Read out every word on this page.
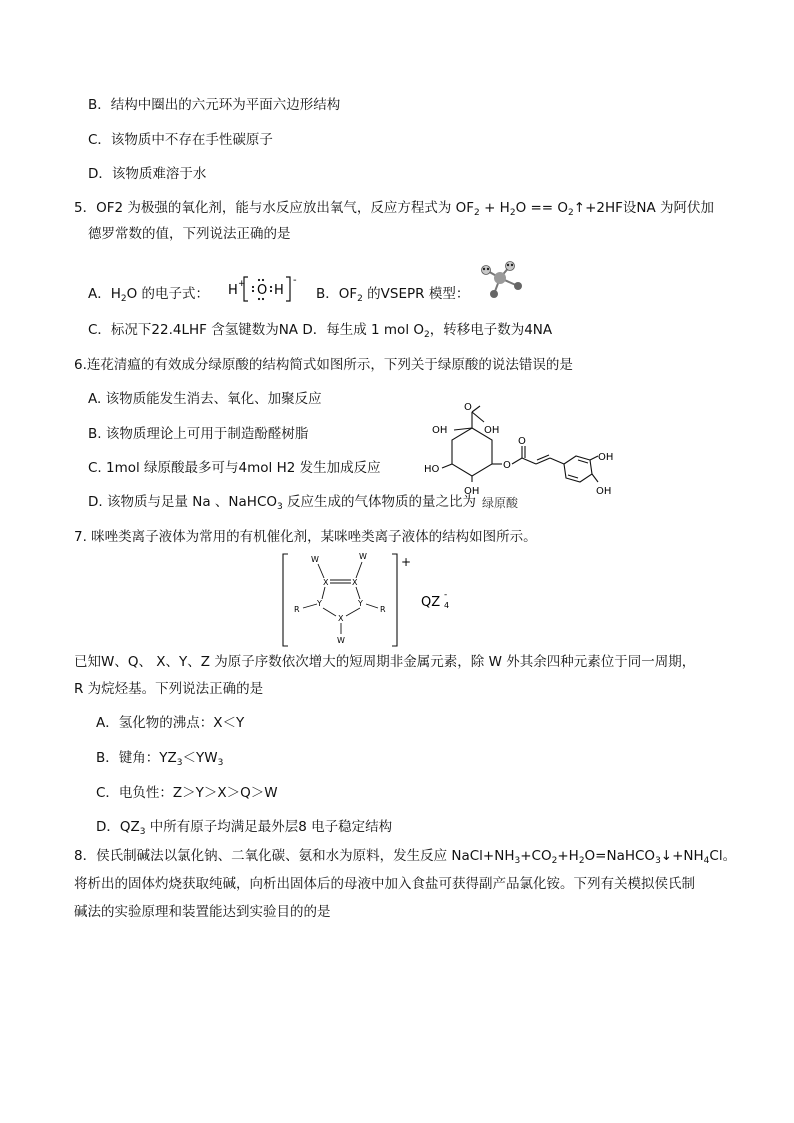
B．结构中圈出的六元环为平面六边形结构
C．该物质中不存在手性碳原子
D．该物质难溶于水
5．OF2 为极强的氧化剂，能与水反应放出氧气，反应方程式为 $OF_2 + H_2O$ == $O_2↑+2HF$设NA 为阿伏加
德罗常数的值，下列说法正确的是
A．$H_2O$ 的电子式： H + O H
-
B．$OF_2$ 的VSEPR 模型：
C．标况下22.4LHF 含氢键数为NA D．每生成 1 mol $O_2$，转移电子数为4NA
6.连花清瘟的有效成分绿原酸的结构简式如图所示，下列关于绿原酸的说法错误的是
A. 该物质能发生消去、氧化、加聚反应
B. 该物质理论上可用于制造酚醛树脂
C. 1mol 绿原酸最多可与4mol H2 发生加成反应
D. 该物质与足量 Na 、NaHCO$_3$ 反应生成的气体物质的量之比为 绿原酸
O
OH
OH
HO
OH
O
O
OH
OH
7. 咪唑类离子液体为常用的有机催化剂，某咪唑类离子液体的结构如图所示。
+
QZ 4
-
X	X
Y	Y
X
W	W
R	R
W
已知W、Q、 X、Y、Z 为原子序数依次增大的短周期非金属元素，除 W 外其余四种元素位于同一周期，
R 为烷烃基。下列说法正确的是
A．氢化物的沸点：X＜Y
B．键角：$YZ_3<YW_3$
C．电负性：Z＞Y＞X＞Q＞W
D．$QZ_3$ 中所有原子均满足最外层8 电子稳定结构
8．侯氏制碱法以氯化钠、二氧化碳、氨和水为原料，发生反应 $NaCl+NH_3+CO_2+H_2O=NaHCO_3↓+NH_4Cl$。
将析出的固体灼烧获取纯碱，向析出固体后的母液中加入食盐可获得副产品氯化铵。下列有关模拟侯氏制
碱法的实验原理和装置能达到实验目的的是
